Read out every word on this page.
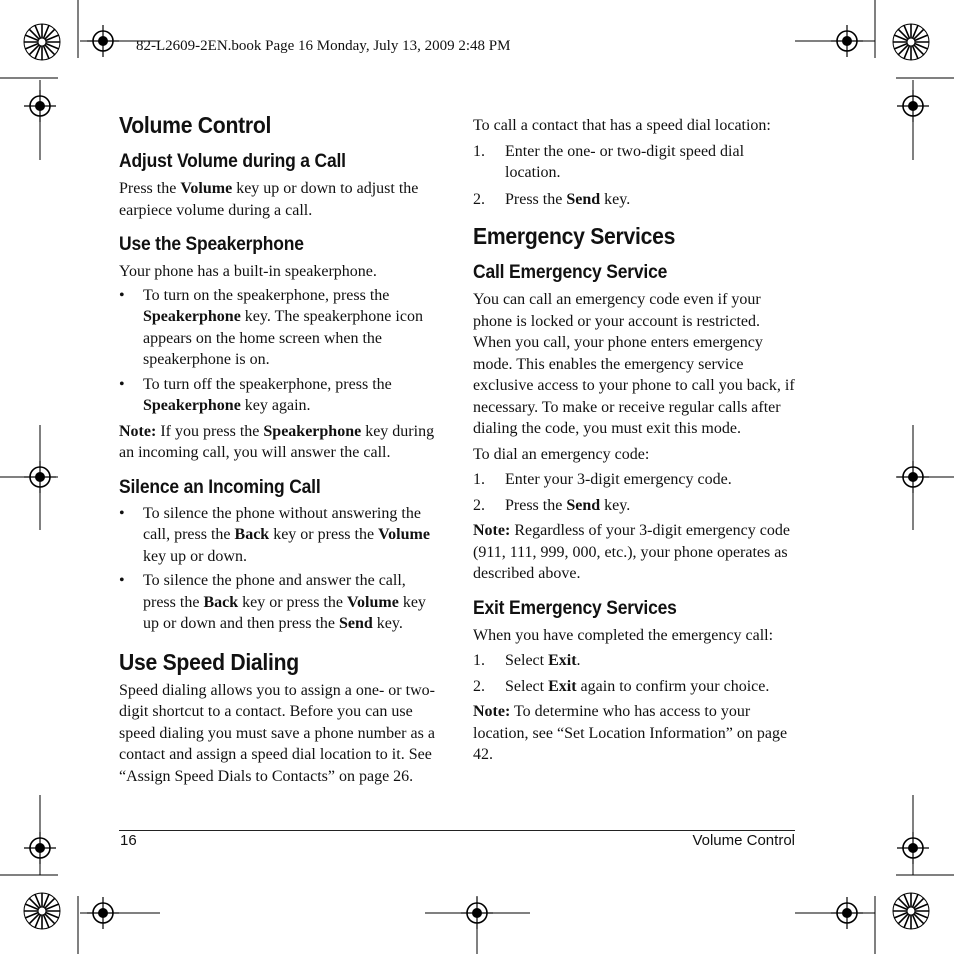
82-L2609-2EN.book Page 16 Monday, July 13, 2009 2:48 PM
Volume Control
Adjust Volume during a Call

Press the Volume key up or down to adjust the earpiece volume during a call.

Use the Speakerphone

Your phone has a built-in speakerphone.

• To turn on the speakerphone, press the Speakerphone key. The speakerphone icon appears on the home screen when the speakerphone is on.
• To turn off the speakerphone, press the Speakerphone key again.

Note: If you press the Speakerphone key during an incoming call, you will answer the call.

Silence an Incoming Call
• To silence the phone without answering the call, press the Back key or press the Volume key up or down.
• To silence the phone and answer the call, press the Back key or press the Volume key up or down and then press the Send key.
Use Speed Dialing

Speed dialing allows you to assign a one- or two-digit shortcut to a contact. Before you can use speed dialing you must save a phone number as a contact and assign a speed dial location to it. See “Assign Speed Dials to Contacts” on page 26.

To call a contact that has a speed dial location:

1. Enter the one- or two-digit speed dial location.
2. Press the Send key.
Emergency Services
Call Emergency Service

You can call an emergency code even if your phone is locked or your account is restricted. When you call, your phone enters emergency mode. This enables the emergency service exclusive access to your phone to call you back, if necessary. To make or receive regular calls after dialing the code, you must exit this mode.

To dial an emergency code:

1. Enter your 3-digit emergency code.
2. Press the Send key.

Note: Regardless of your 3-digit emergency code (911, 111, 999, 000, etc.), your phone operates as described above.

Exit Emergency Services

When you have completed the emergency call:

1. Select Exit.
2. Select Exit again to confirm your choice.

Note: To determine who has access to your location, see “Set Location Information” on page 42.

16	Volume Control
